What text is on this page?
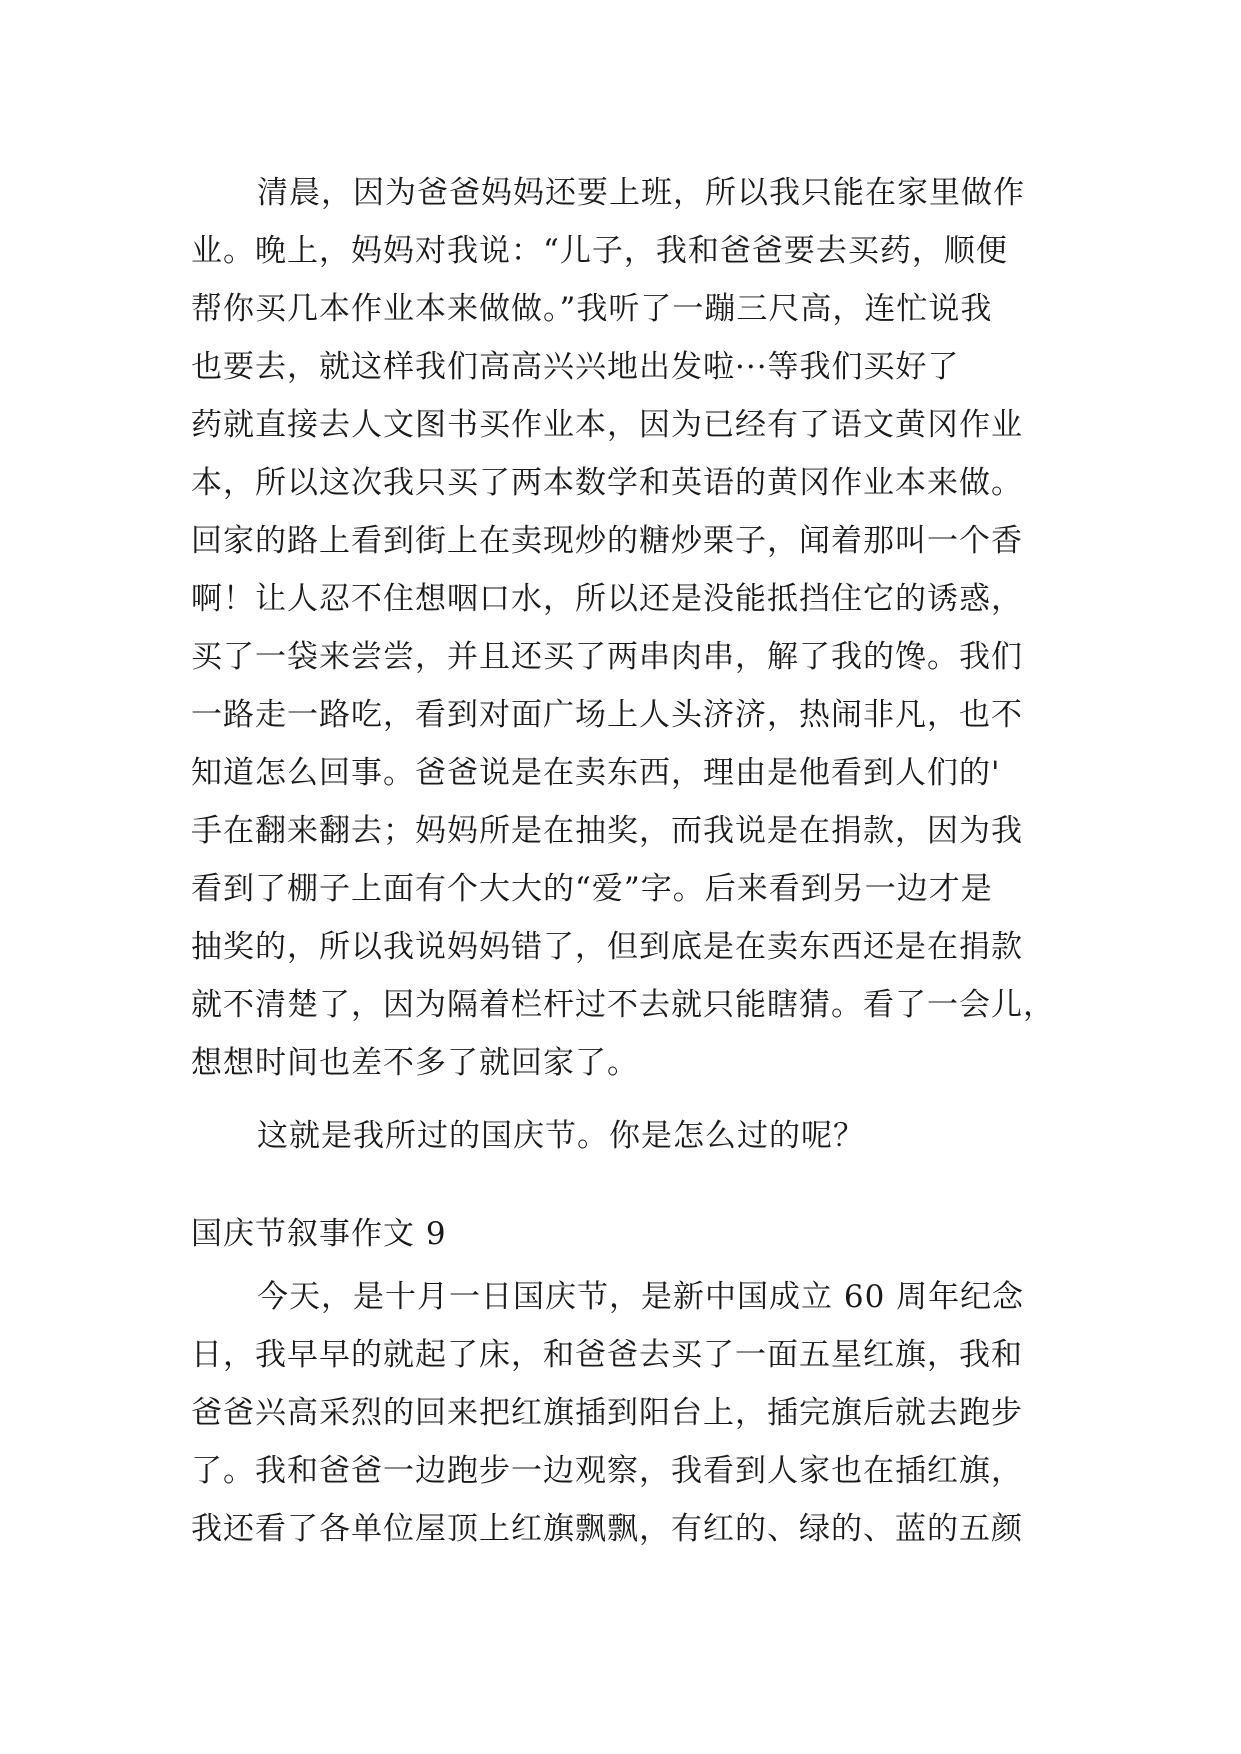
清晨，因为爸爸妈妈还要上班，所以我只能在家里做作
业。晚上，妈妈对我说：“儿子，我和爸爸要去买药，顺便
帮你买几本作业本来做做。”我听了一蹦三尺高，连忙说我
也要去，就这样我们高高兴兴地出发啦···等我们买好了
药就直接去人文图书买作业本，因为已经有了语文黄冈作业
本，所以这次我只买了两本数学和英语的黄冈作业本来做。
回家的路上看到街上在卖现炒的糖炒栗子，闻着那叫一个香
啊！让人忍不住想咽口水，所以还是没能抵挡住它的诱惑，
买了一袋来尝尝，并且还买了两串肉串，解了我的馋。我们
一路走一路吃，看到对面广场上人头济济，热闹非凡，也不
知道怎么回事。爸爸说是在卖东西，理由是他看到人们的'
手在翻来翻去；妈妈所是在抽奖，而我说是在捐款，因为我
看到了棚子上面有个大大的“爱”字。后来看到另一边才是
抽奖的，所以我说妈妈错了，但到底是在卖东西还是在捐款
就不清楚了，因为隔着栏杆过不去就只能瞎猜。看了一会儿，
想想时间也差不多了就回家了。
这就是我所过的国庆节。你是怎么过的呢？
国庆节叙事作文 9
今天，是十月一日国庆节，是新中国成立 60 周年纪念
日，我早早的就起了床，和爸爸去买了一面五星红旗，我和
爸爸兴高采烈的回来把红旗插到阳台上，插完旗后就去跑步
了。我和爸爸一边跑步一边观察，我看到人家也在插红旗，
我还看了各单位屋顶上红旗飘飘，有红的、绿的、蓝的五颜
